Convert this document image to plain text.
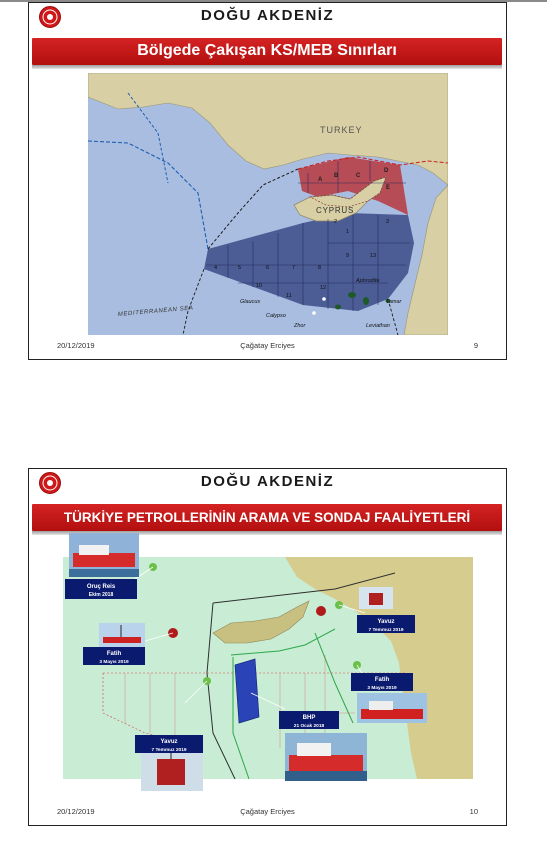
DOĞU AKDENİZ
Bölgede Çakışan KS/MEB Sınırları
TURKEY
CYPRUS
MEDITERRANEAN SEA
A
B	C
D
E
1
2	3
4	5	6	7	8
9
10
11
12
13
Aphrodite
Tamar
Glaucus
Calypso
Zhor	Leviathan
20/12/2019	Çağatay Erciyes	9
DOĞU AKDENİZ
TÜRKİYE PETROLLERİNİN ARAMA VE SONDAJ FAALİYETLERİ
Oruç Reis
Ekim 2018
Fatih
3 Mayıs 2019
Yavuz
7 Temmuz 2019
Yavuz
7 Temmuz 2019
Fatih
3 Mayıs 2019
BHP
21 Ocak 2018
20/12/2019	Çağatay Erciyes	10
